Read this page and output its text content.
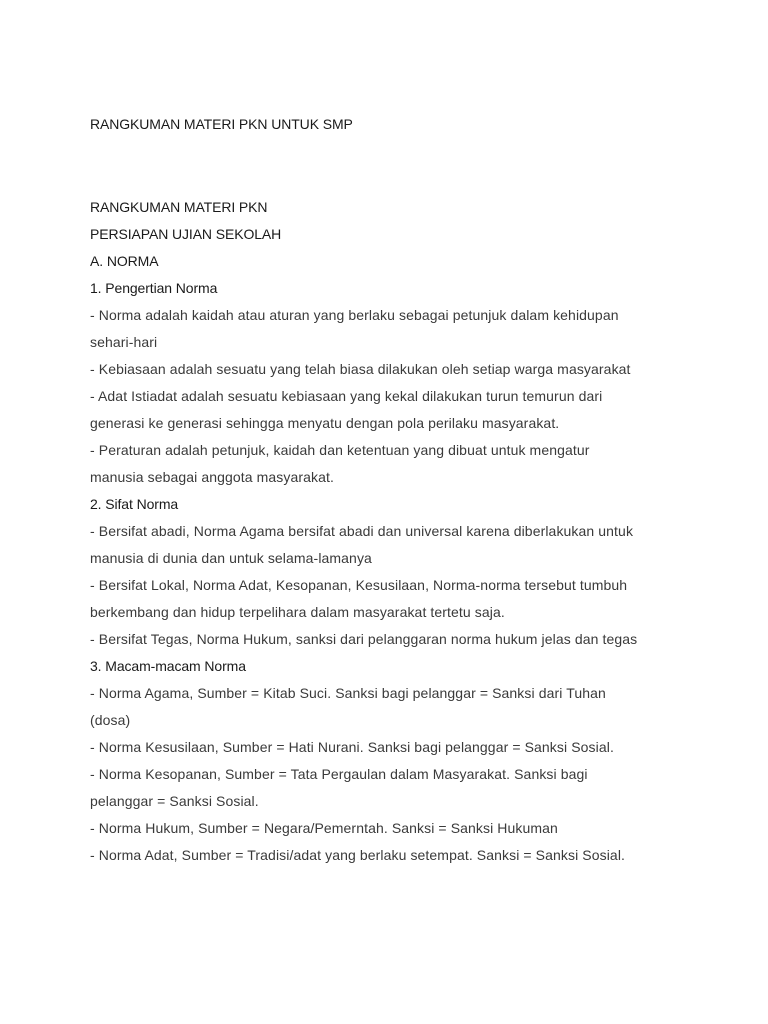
RANGKUMAN MATERI PKN UNTUK SMP
RANGKUMAN MATERI PKN
PERSIAPAN UJIAN SEKOLAH
A. NORMA
1. Pengertian Norma
- Norma adalah kaidah atau aturan yang berlaku sebagai petunjuk dalam kehidupan
sehari-hari
- Kebiasaan adalah sesuatu yang telah biasa dilakukan oleh setiap warga masyarakat
- Adat Istiadat adalah sesuatu kebiasaan yang kekal dilakukan turun temurun dari
generasi ke generasi sehingga menyatu dengan pola perilaku masyarakat.
- Peraturan adalah petunjuk, kaidah dan ketentuan yang dibuat untuk mengatur
manusia sebagai anggota masyarakat.
2. Sifat Norma
- Bersifat abadi, Norma Agama bersifat abadi dan universal karena diberlakukan untuk
manusia di dunia dan untuk selama-lamanya
- Bersifat Lokal, Norma Adat, Kesopanan, Kesusilaan, Norma-norma tersebut tumbuh
berkembang dan hidup terpelihara dalam masyarakat tertetu saja.
- Bersifat Tegas, Norma Hukum, sanksi dari pelanggaran norma hukum jelas dan tegas
3. Macam-macam Norma
- Norma Agama, Sumber = Kitab Suci. Sanksi bagi pelanggar = Sanksi dari Tuhan
(dosa)
- Norma Kesusilaan, Sumber = Hati Nurani. Sanksi bagi pelanggar = Sanksi Sosial.
- Norma Kesopanan, Sumber = Tata Pergaulan dalam Masyarakat. Sanksi bagi
pelanggar = Sanksi Sosial.
- Norma Hukum, Sumber = Negara/Pemerntah. Sanksi = Sanksi Hukuman
- Norma Adat, Sumber = Tradisi/adat yang berlaku setempat. Sanksi = Sanksi Sosial.
